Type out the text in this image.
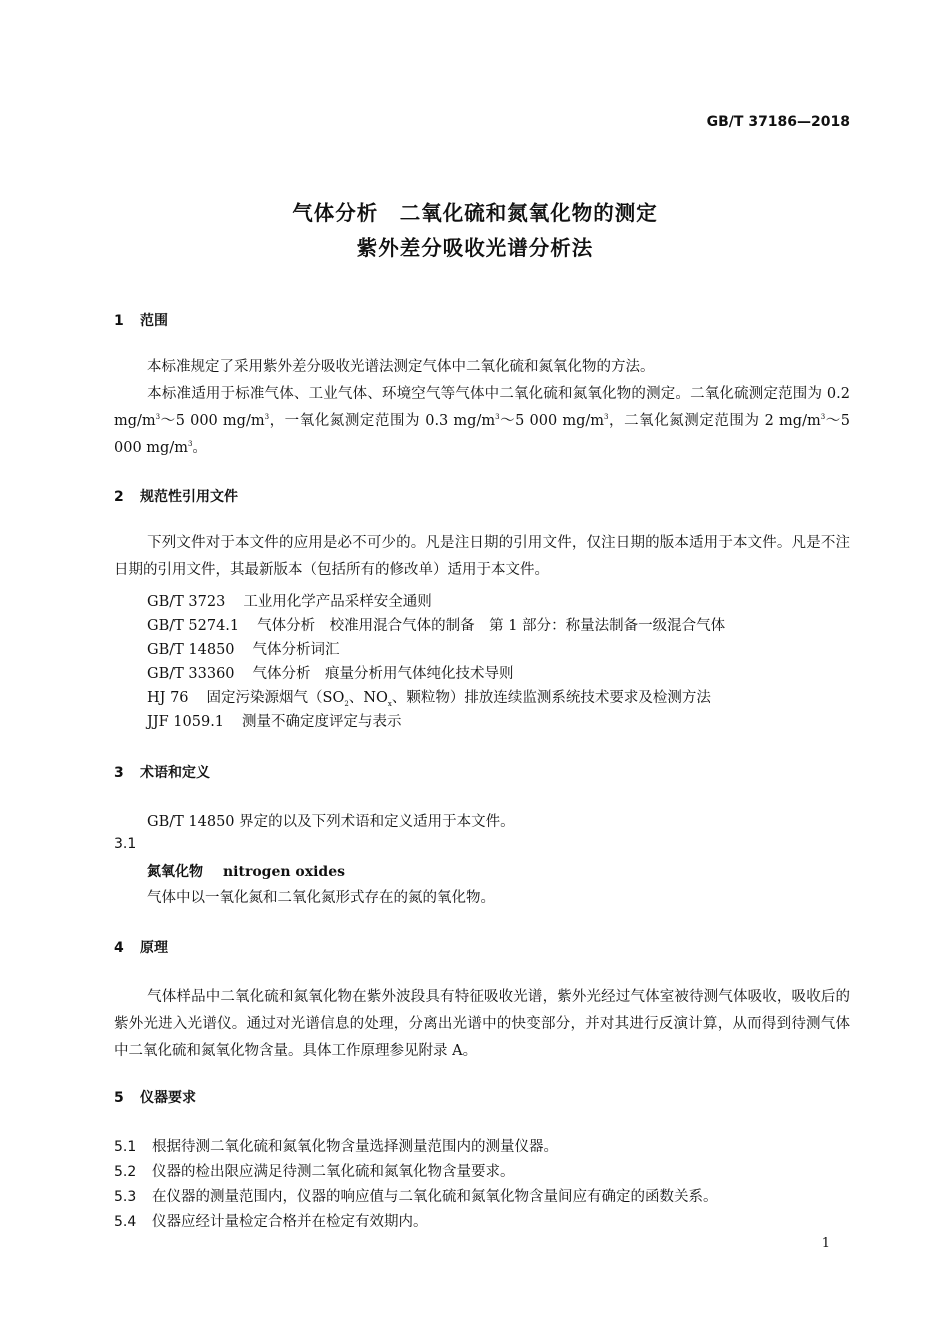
GB/T 37186—2018
气体分析　二氧化硫和氮氧化物的测定
紫外差分吸收光谱分析法
1 范围
本标准规定了采用紫外差分吸收光谱法测定气体中二氧化硫和氮氧化物的方法。
本标准适用于标准气体、工业气体、环境空气等气体中二氧化硫和氮氧化物的测定。二氧化硫测定范围为 0.2 $mg/m^3\sim 5$ 000 $mg/m^3$，一氧化氮测定范围为 0.3 $mg/m^3\sim 5$ 000 $mg/m^3$，二氧化氮测定范围为 2 $mg/m^3\sim 5$ 000 $mg/m^3$。
2 规范性引用文件
下列文件对于本文件的应用是必不可少的。凡是注日期的引用文件，仅注日期的版本适用于本文件。凡是不注日期的引用文件，其最新版本（包括所有的修改单）适用于本文件。
GB/T 3723 工业用化学产品采样安全通则
GB/T 5274.1 气体分析　校准用混合气体的制备　第 1 部分：称量法制备一级混合气体
GB/T 14850 气体分析词汇
GB/T 33360 气体分析　痕量分析用气体纯化技术导则
HJ 76 固定污染源烟气（$SO_2$、$NO_x$、颗粒物）排放连续监测系统技术要求及检测方法
JJF 1059.1 测量不确定度评定与表示
3 术语和定义
GB/T 14850 界定的以及下列术语和定义适用于本文件。
3.1
氮氧化物 nitrogen oxides
气体中以一氧化氮和二氧化氮形式存在的氮的氧化物。
4 原理
气体样品中二氧化硫和氮氧化物在紫外波段具有特征吸收光谱，紫外光经过气体室被待测气体吸收，吸收后的紫外光进入光谱仪。通过对光谱信息的处理，分离出光谱中的快变部分，并对其进行反演计算，从而得到待测气体中二氧化硫和氮氧化物含量。具体工作原理参见附录 A。
5 仪器要求
5.1 根据待测二氧化硫和氮氧化物含量选择测量范围内的测量仪器。
5.2 仪器的检出限应满足待测二氧化硫和氮氧化物含量要求。
5.3 在仪器的测量范围内，仪器的响应值与二氧化硫和氮氧化物含量间应有确定的函数关系。
5.4 仪器应经计量检定合格并在检定有效期内。
1
